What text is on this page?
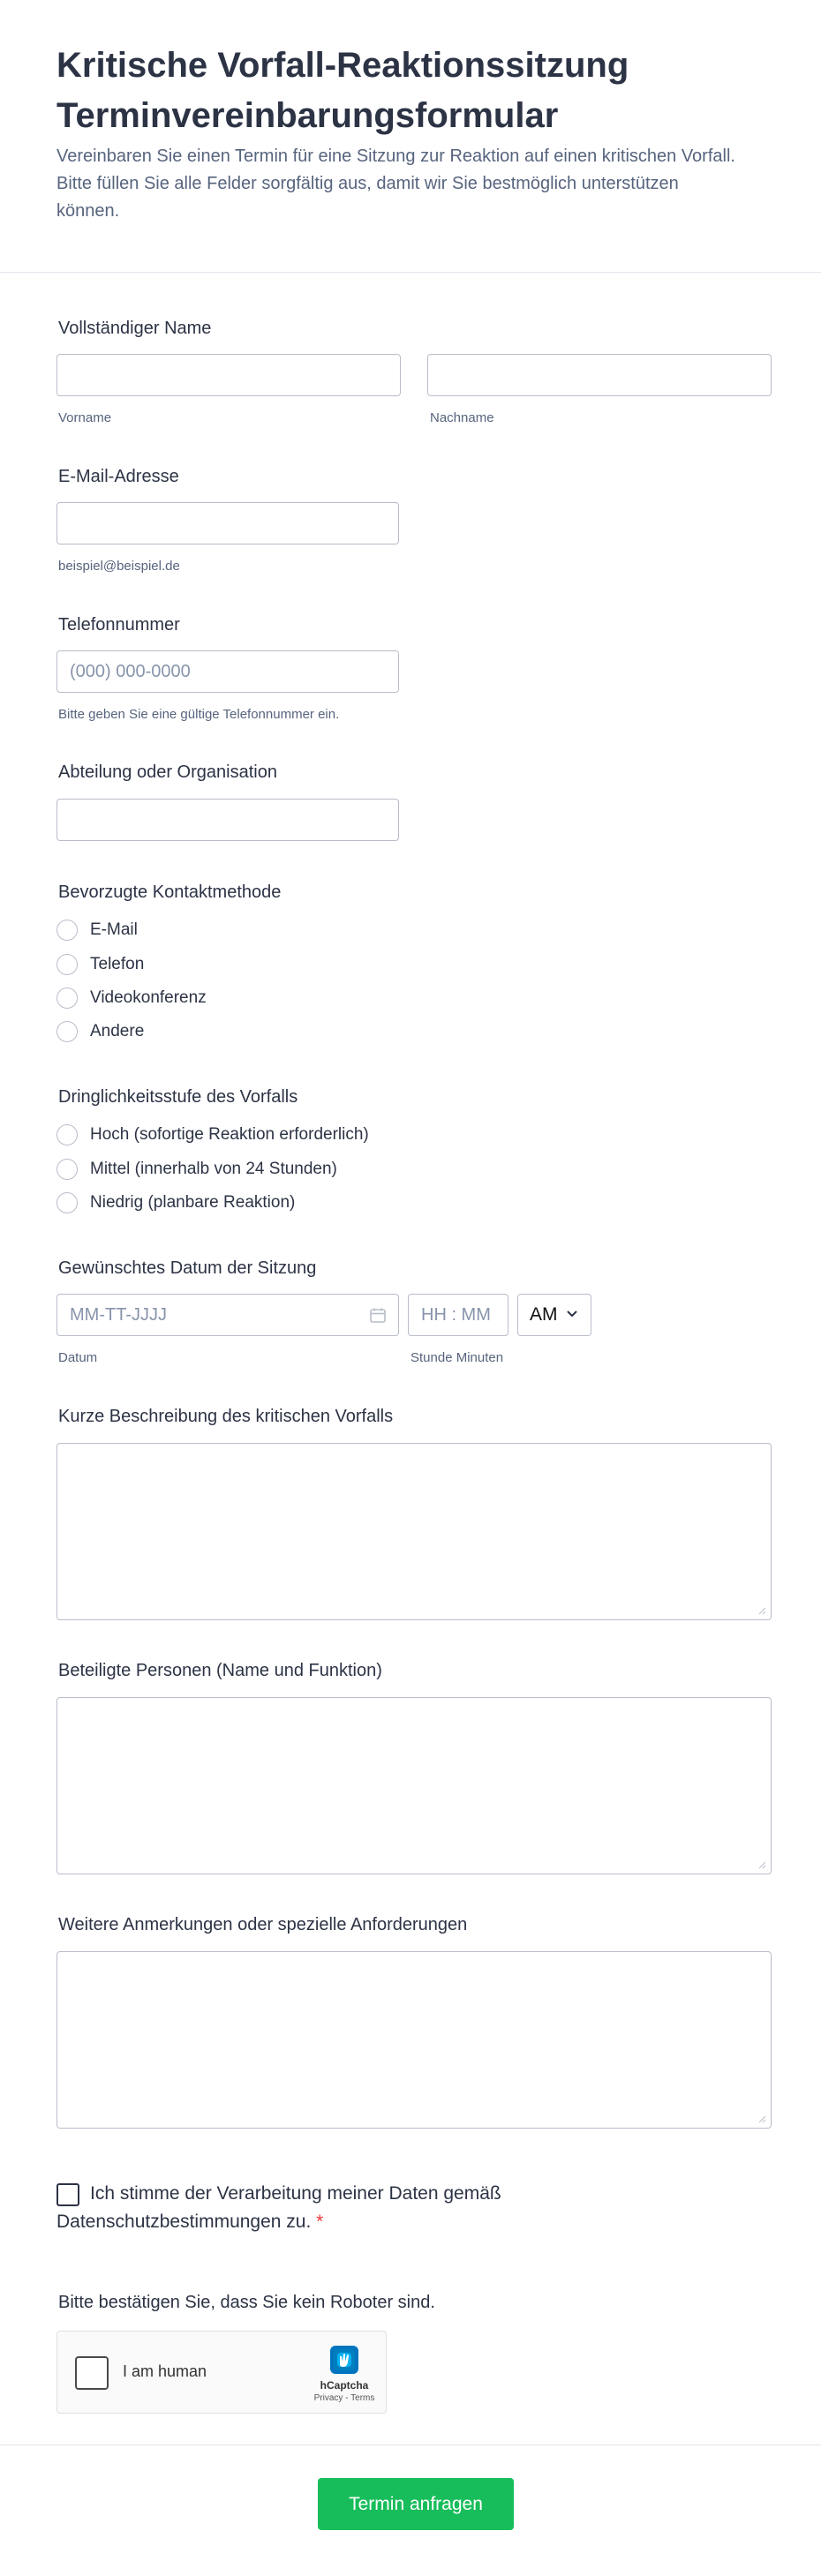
Kritische Vorfall-Reaktionssitzung Terminvereinbarungsformular

Vereinbaren Sie einen Termin für eine Sitzung zur Reaktion auf einen kritischen Vorfall. Bitte füllen Sie alle Felder sorgfältig aus, damit wir Sie bestmöglich unterstützen können.

Vollständiger Name
Vorname	Nachname
E-Mail-Adresse
beispiel@beispiel.de
Telefonnummer
(000) 000-0000
Bitte geben Sie eine gültige Telefonnummer ein.
Abteilung oder Organisation
Bevorzugte Kontaktmethode
E-Mail
Telefon
Videokonferenz
Andere
Dringlichkeitsstufe des Vorfalls
Hoch (sofortige Reaktion erforderlich)
Mittel (innerhalb von 24 Stunden)
Niedrig (planbare Reaktion)
Gewünschtes Datum der Sitzung
MM-TT-JJJJ
HH : MM
AM
Datum	Stunde Minuten
Kurze Beschreibung des kritischen Vorfalls
Beteiligte Personen (Name und Funktion)
Weitere Anmerkungen oder spezielle Anforderungen
Ich stimme der Verarbeitung meiner Daten gemäß Datenschutzbestimmungen zu. *
Bitte bestätigen Sie, dass Sie kein Roboter sind.
I am human
hCaptcha
Privacy - Terms
Termin anfragen
